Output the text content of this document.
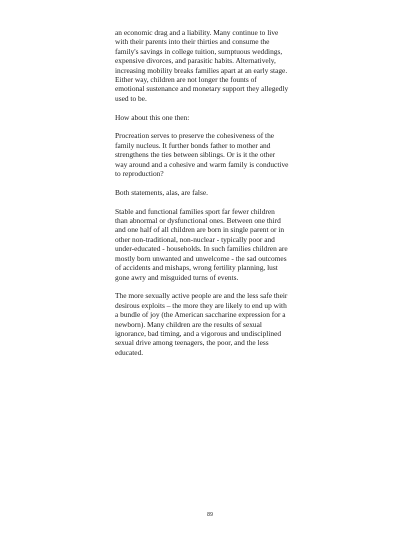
an economic drag and a liability. Many continue to live
with their parents into their thirties and consume the
family's savings in college tuition, sumptuous weddings,
expensive divorces, and parasitic habits. Alternatively,
increasing mobility breaks families apart at an early stage.
Either way, children are not longer the founts of
emotional sustenance and monetary support they allegedly
used to be.

How about this one then:

Procreation serves to preserve the cohesiveness of the
family nucleus. It further bonds father to mother and
strengthens the ties between siblings. Or is it the other
way around and a cohesive and warm family is conductive
to reproduction?

Both statements, alas, are false.

Stable and functional families sport far fewer children
than abnormal or dysfunctional ones. Between one third
and one half of all children are born in single parent or in
other non-traditional, non-nuclear - typically poor and
under-educated - households. In such families children are
mostly born unwanted and unwelcome - the sad outcomes
of accidents and mishaps, wrong fertility planning, lust
gone awry and misguided turns of events.

The more sexually active people are and the less safe their
desirous exploits – the more they are likely to end up with
a bundle of joy (the American saccharine expression for a
newborn). Many children are the results of sexual
ignorance, bad timing, and a vigorous and undisciplined
sexual drive among teenagers, the poor, and the less
educated.

89
